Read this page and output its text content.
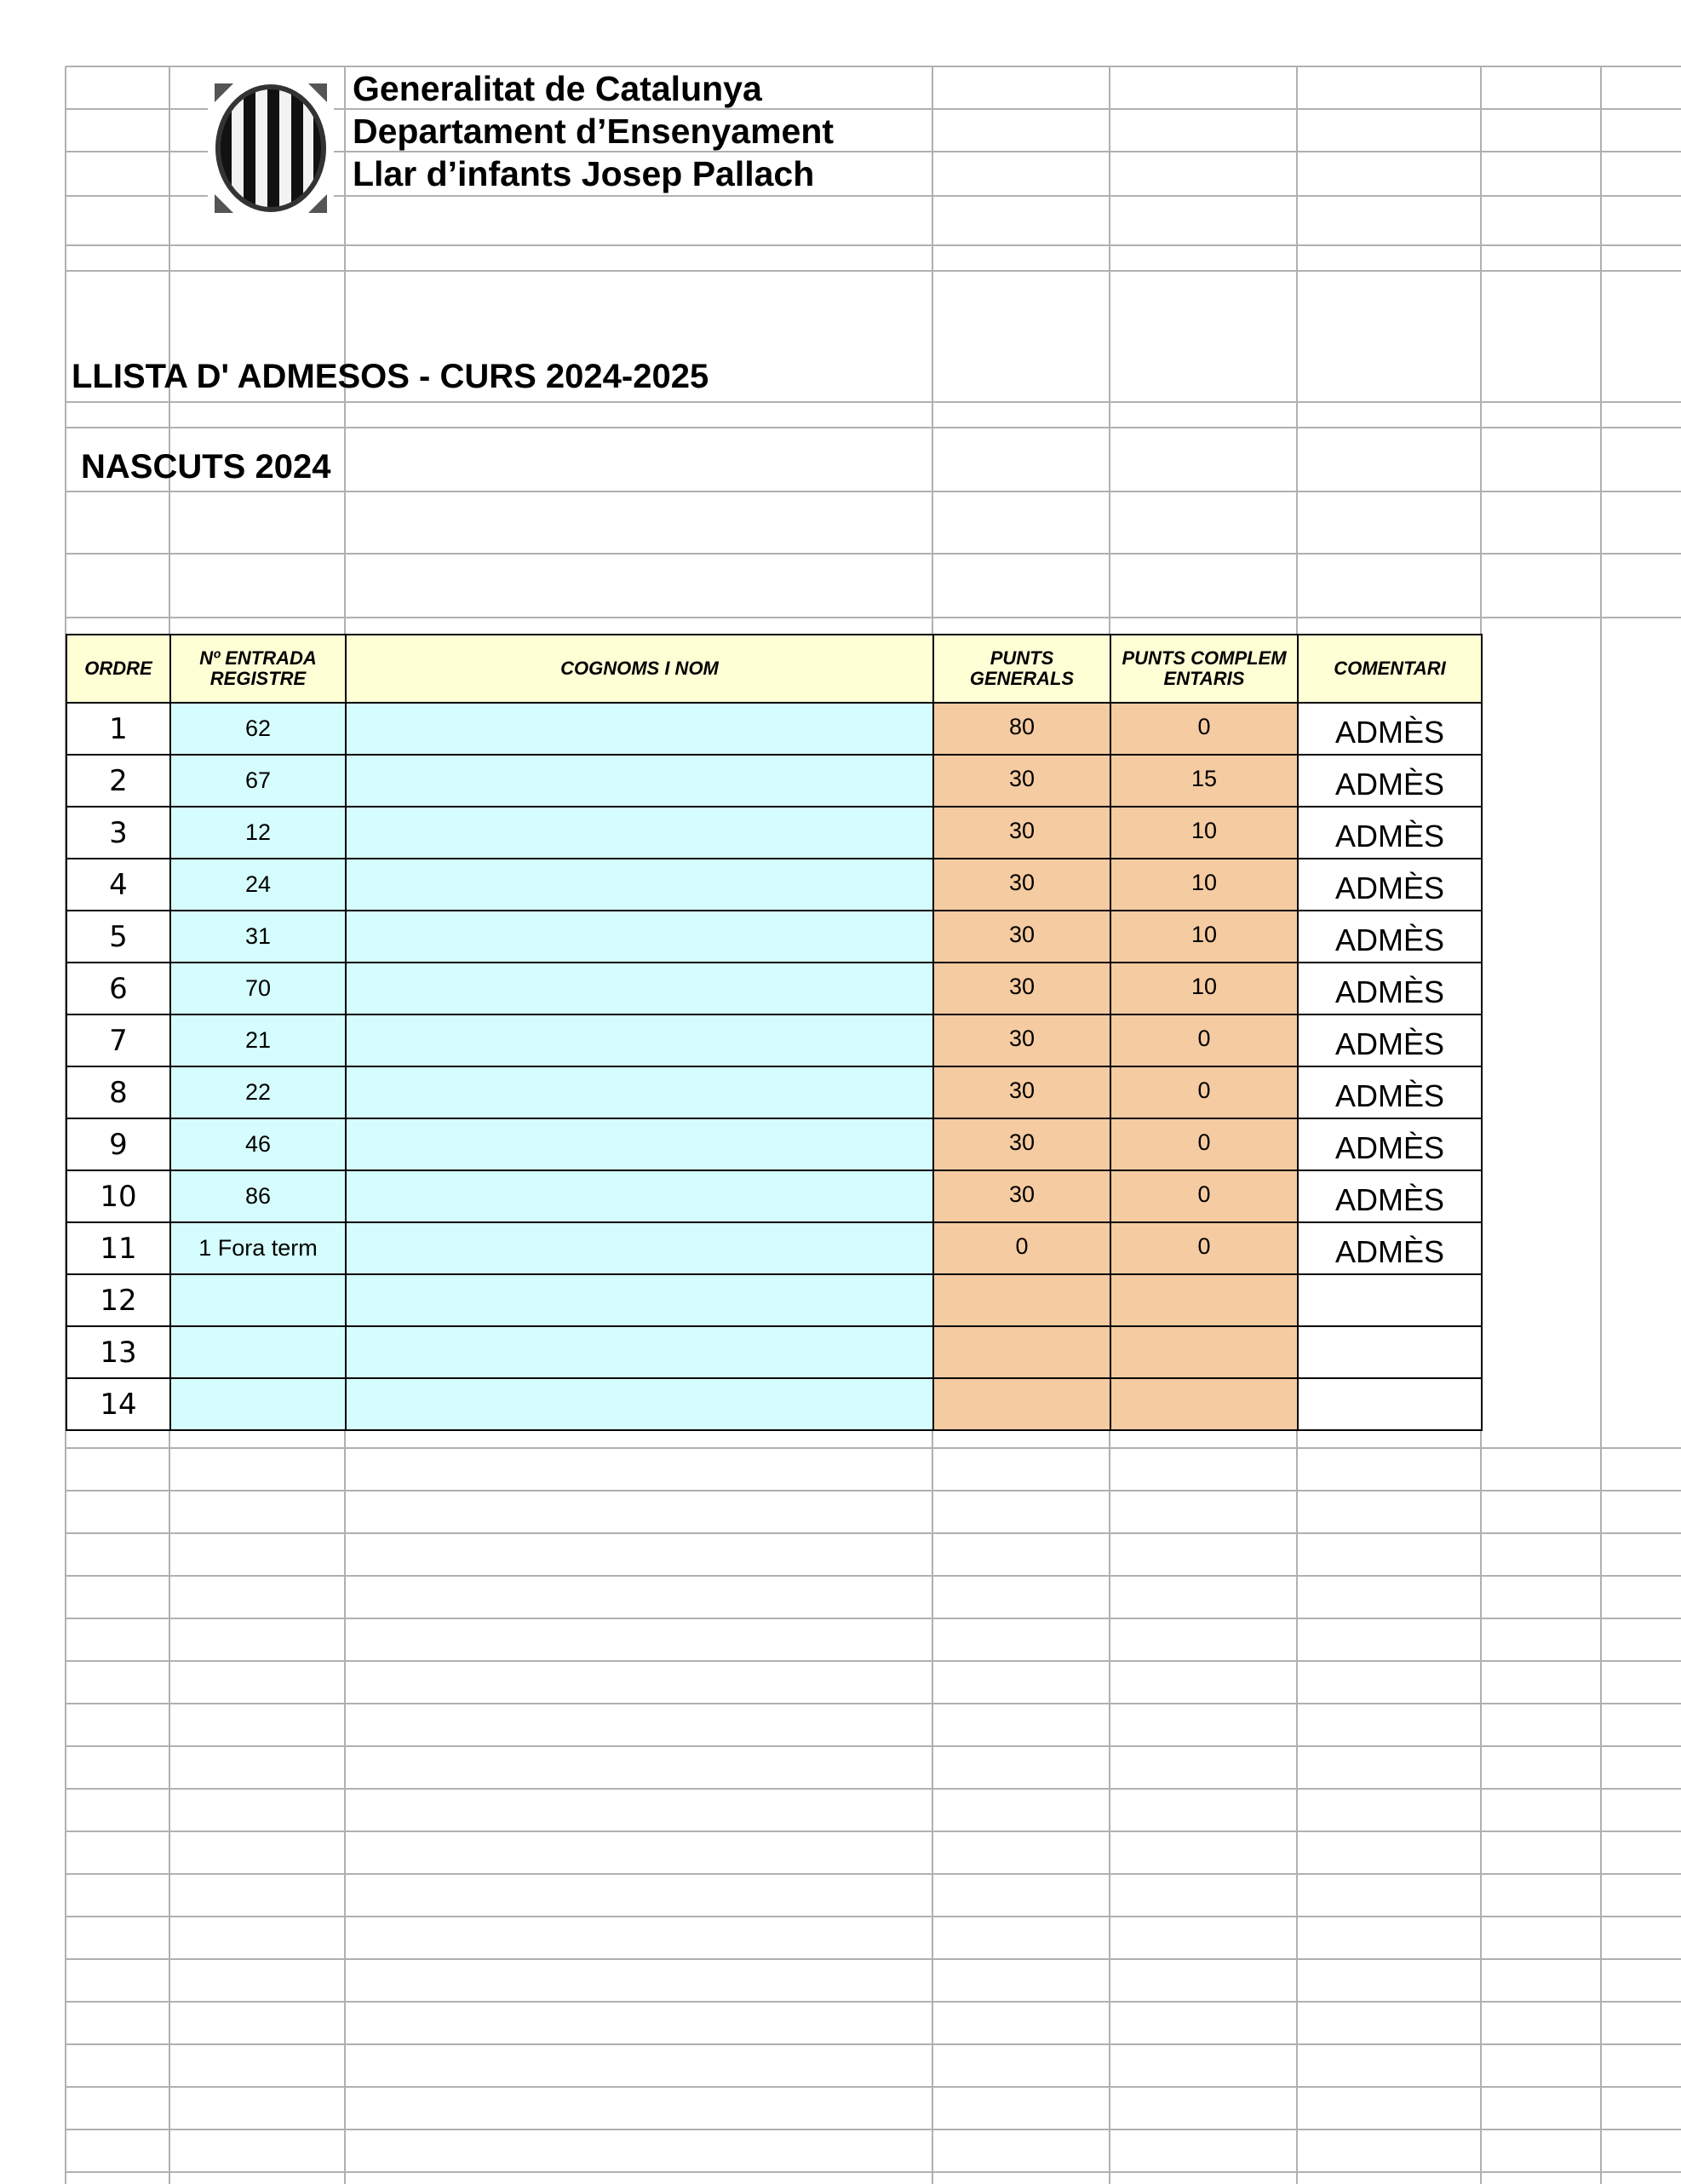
Generalitat de Catalunya
Departament d’Ensenyament
Llar d’infants Josep Pallach
LLISTA D' ADMESOS - CURS 2024-2025
NASCUTS 2024
ORDRE	Nº ENTRADA REGISTRE	COGNOMS I NOM	PUNTS GENERALS	PUNTS COMPLEMENTARIS	COMENTARI
1	62		80	0	ADMÈS
2	67		30	15	ADMÈS
3	12		30	10	ADMÈS
4	24		30	10	ADMÈS
5	31		30	10	ADMÈS
6	70		30	10	ADMÈS
7	21		30	0	ADMÈS
8	22		30	0	ADMÈS
9	46		30	0	ADMÈS
10	86		30	0	ADMÈS
11	1 Fora term		0	0	ADMÈS
12					
13					
14					
